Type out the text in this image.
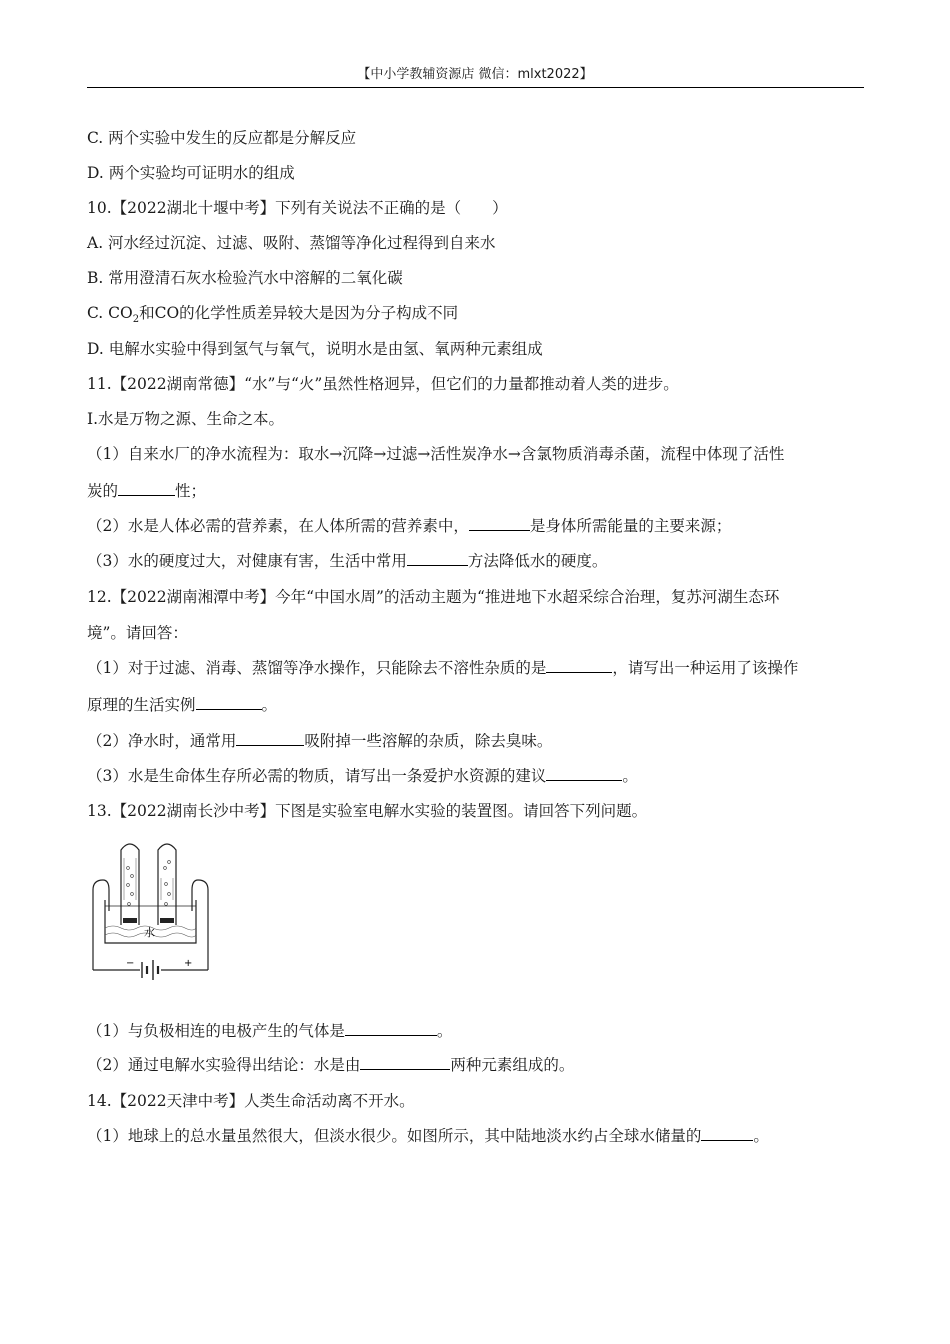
【中小学教辅资源店 微信：mlxt2022】
C. 两个实验中发生的反应都是分解反应
D. 两个实验均可证明水的组成
10.【2022湖北十堰中考】下列有关说法不正确的是（　　）
A. 河水经过沉淀、过滤、吸附、蒸馏等净化过程得到自来水
B. 常用澄清石灰水检验汽水中溶解的二氧化碳
C. $CO_2$和CO的化学性质差异较大是因为分子构成不同
D. 电解水实验中得到氢气与氧气，说明水是由氢、氧两种元素组成
11.【2022湖南常德】“水”与“火”虽然性格迥异，但它们的力量都推动着人类的进步。
Ⅰ.水是万物之源、生命之本。
（1）自来水厂的净水流程为：取水→沉降→过滤→活性炭净水→含氯物质消毒杀菌，流程中体现了活性
炭的	性；
（2）水是人体必需的营养素，在人体所需的营养素中，	是身体所需能量的主要来源；
（3）水的硬度过大，对健康有害，生活中常用	方法降低水的硬度。
12.【2022湖南湘潭中考】今年“中国水周”的活动主题为“推进地下水超采综合治理，复苏河湖生态环
境”。请回答：
（1）对于过滤、消毒、蒸馏等净水操作，只能除去不溶性杂质的是	，请写出一种运用了该操作
原理的生活实例	。
（2）净水时，通常用	吸附掉一些溶解的杂质，除去臭味。
（3）水是生命体生存所必需的物质，请写出一条爱护水资源的建议	。
13.【2022湖南长沙中考】下图是实验室电解水实验的装置图。请回答下列问题。
−	+
水
（1）与负极相连的电极产生的气体是	。
（2）通过电解水实验得出结论：水是由	两种元素组成的。
14.【2022天津中考】人类生命活动离不开水。
（1）地球上的总水量虽然很大，但淡水很少。如图所示，其中陆地淡水约占全球水储量的	。
